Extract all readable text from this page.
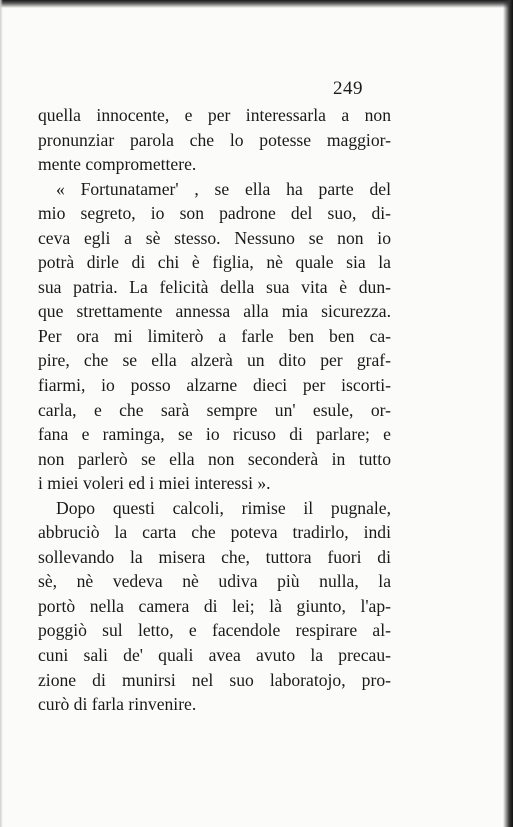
249
quella innocente, e per interessarla a non
pronunziar parola che lo potesse maggior-
mente compromettere.
« Fortunatamer' , se ella ha parte del
mio segreto, io son padrone del suo, di-
ceva egli a sè stesso. Nessuno se non io
potrà dirle di chi è figlia, nè quale sia la
sua patria. La felicità della sua vita è dun-
que strettamente annessa alla mia sicurezza.
Per ora mi limiterò a farle ben ben ca-
pire, che se ella alzerà un dito per graf-
fiarmi, io posso alzarne dieci per iscorti-
carla, e che sarà sempre un' esule, or-
fana e raminga, se io ricuso di parlare; e
non parlerò se ella non seconderà in tutto
i miei voleri ed i miei interessi ».
Dopo questi calcoli, rimise il pugnale,
abbruciò la carta che poteva tradirlo, indi
sollevando la misera che, tuttora fuori di
sè, nè vedeva nè udiva più nulla, la
portò nella camera di lei; là giunto, l'ap-
poggiò sul letto, e facendole respirare al-
cuni sali de' quali avea avuto la precau-
zione di munirsi nel suo laboratojo, pro-
curò di farla rinvenire.
